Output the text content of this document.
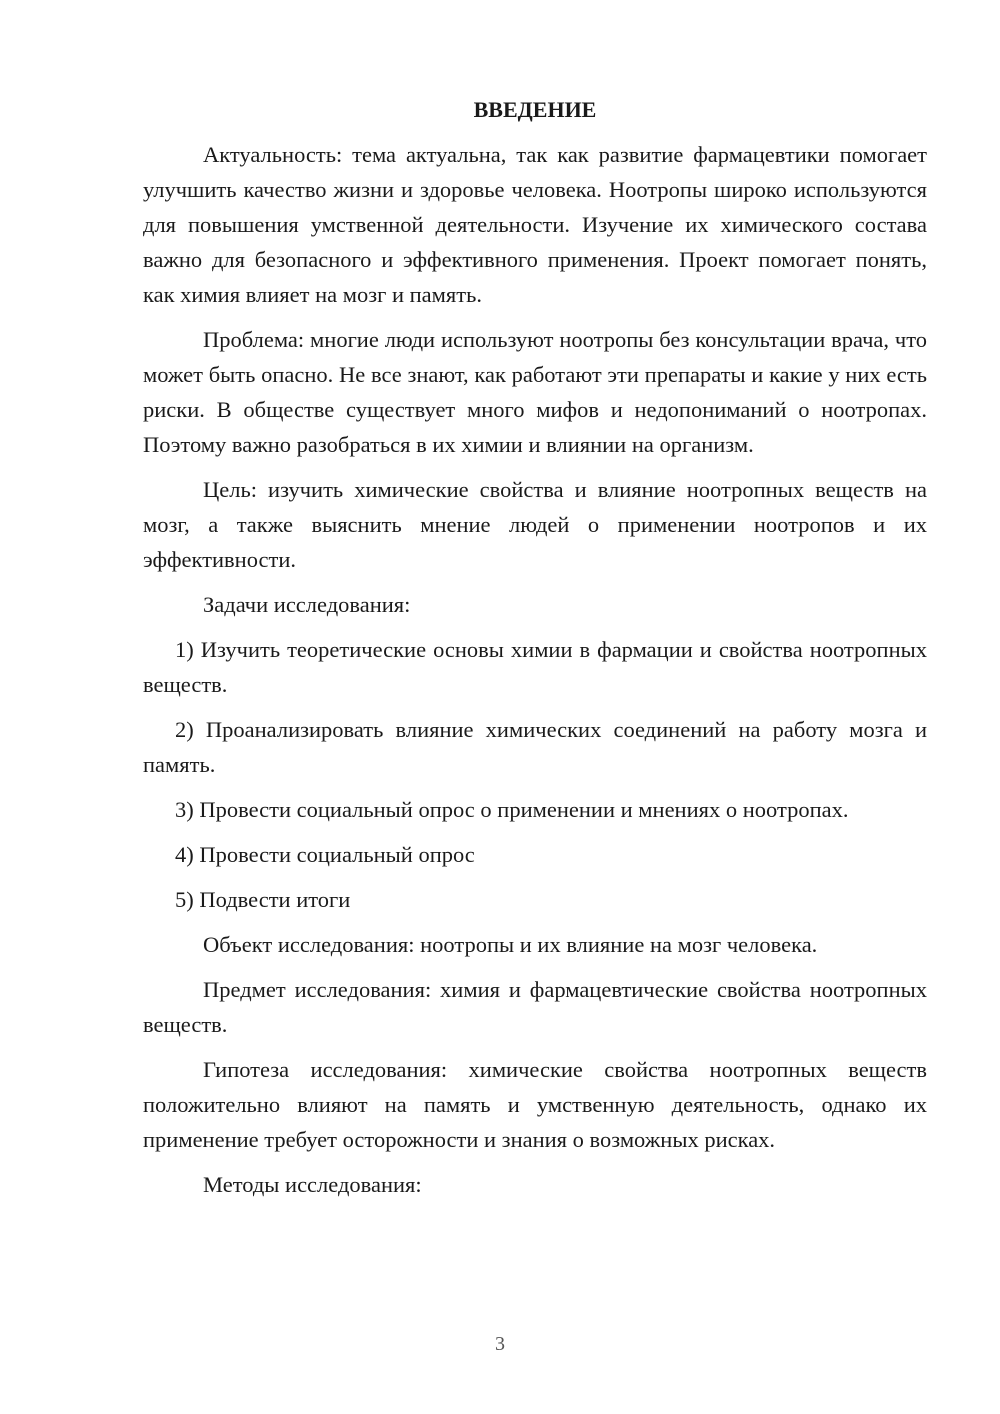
ВВЕДЕНИЕ

Актуальность: тема актуальна, так как развитие фармацевтики помогает улучшить качество жизни и здоровье человека. Ноотропы широко используются для повышения умственной деятельности. Изучение их химического состава важно для безопасного и эффективного применения. Проект помогает понять, как химия влияет на мозг и память.

Проблема: многие люди используют ноотропы без консультации врача, что может быть опасно. Не все знают, как работают эти препараты и какие у них есть риски. В обществе существует много мифов и недопониманий о ноотропах. Поэтому важно разобраться в их химии и влиянии на организм.

Цель: изучить химические свойства и влияние ноотропных веществ на мозг, а также выяснить мнение людей о применении ноотропов и их эффективности.

Задачи исследования:

1) Изучить теоретические основы химии в фармации и свойства ноотропных веществ.

2) Проанализировать влияние химических соединений на работу мозга и память.

3) Провести социальный опрос о применении и мнениях о ноотропах.

4) Провести социальный опрос

5) Подвести итоги

Объект исследования: ноотропы и их влияние на мозг человека.

Предмет исследования: химия и фармацевтические свойства ноотропных веществ.

Гипотеза исследования: химические свойства ноотропных веществ положительно влияют на память и умственную деятельность, однако их применение требует осторожности и знания о возможных рисках.

Методы исследования:

3
